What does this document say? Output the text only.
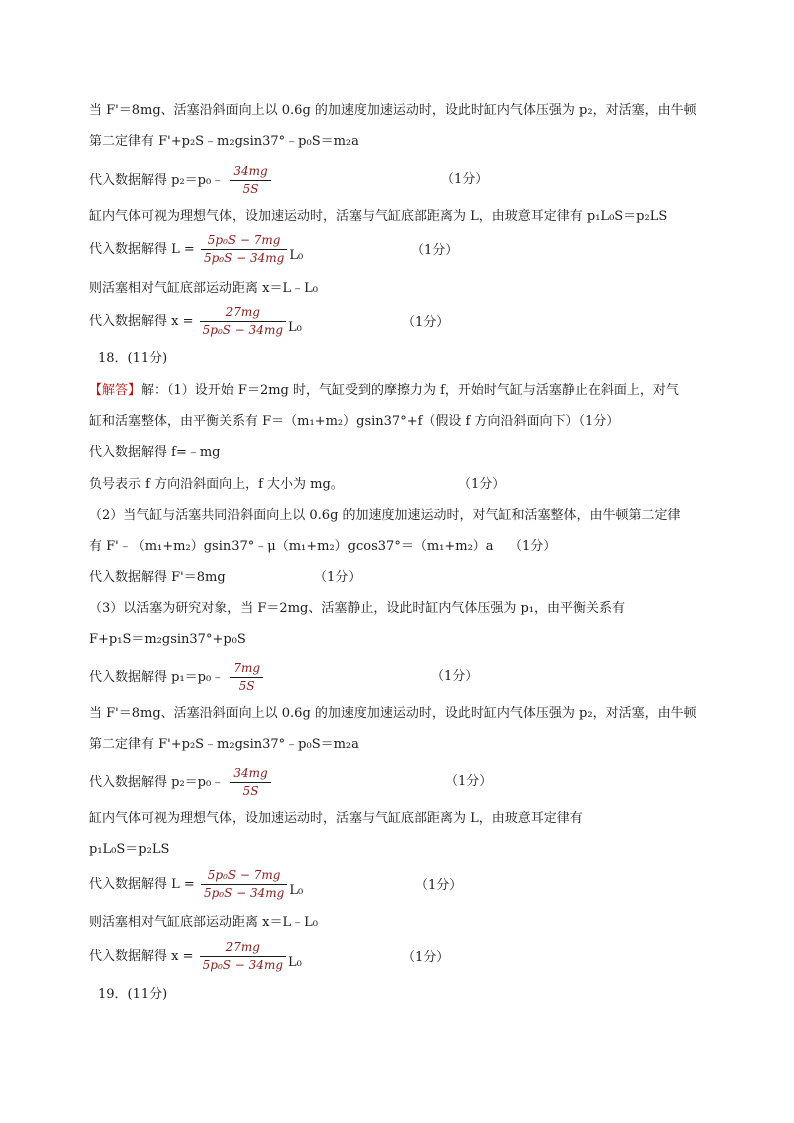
当 F'＝8mg、活塞沿斜面向上以 0.6g 的加速度加速运动时，设此时缸内气体压强为 p₂，对活塞，由牛顿
第二定律有 F'+p₂S﹣m₂gsin37°﹣p₀S＝m₂a
代入数据解得 p₂＝p₀﹣ $\frac{34mg}{5S}$	（1分）
缸内气体可视为理想气体，设加速运动时，活塞与气缸底部距离为 L，由玻意耳定律有 p₁L₀S＝p₂LS
代入数据解得 $L = \frac{\text{5p₀S − 7mg}}{\text{5p₀S − 34mg}} L_0$	（1分）
则活塞相对气缸底部运动距离 x＝L﹣L₀
代入数据解得 $x = \frac{27mg}{\text{5p₀S − 34mg}} L_0$	（1分）
18．(11分)
【解答】解：（1）设开始 F＝2mg 时，气缸受到的摩擦力为 f，开始时气缸与活塞静止在斜面上，对气
缸和活塞整体，由平衡关系有 F＝（m₁+m₂）gsin37°+f（假设 f 方向沿斜面向下）（1分）
代入数据解得 f=﹣mg
负号表示 f 方向沿斜面向上，f 大小为 mg。	（1分）
（2）当气缸与活塞共同沿斜面向上以 0.6g 的加速度加速运动时，对气缸和活塞整体，由牛顿第二定律
有 F'﹣（m₁+m₂）gsin37°﹣μ（m₁+m₂）gcos37°＝（m₁+m₂）a （1分）
代入数据解得 F'＝8mg	（1分）
（3）以活塞为研究对象，当 F＝2mg、活塞静止，设此时缸内气体压强为 p₁，由平衡关系有
F+p₁S＝m₂gsin37°+p₀S
代入数据解得 p₁＝p₀﹣ $\frac{7mg}{5S}$	（1分）
当 F'＝8mg、活塞沿斜面向上以 0.6g 的加速度加速运动时，设此时缸内气体压强为 p₂，对活塞，由牛顿
第二定律有 F'+p₂S﹣m₂gsin37°﹣p₀S＝m₂a
代入数据解得 p₂＝p₀﹣ $\frac{34mg}{5S}$	（1分）
缸内气体可视为理想气体，设加速运动时，活塞与气缸底部距离为 L，由玻意耳定律有
p₁L₀S＝p₂LS
代入数据解得 $L = \frac{\text{5p₀S − 7mg}}{\text{5p₀S − 34mg}} L_0$	（1分）
则活塞相对气缸底部运动距离 x＝L﹣L₀
代入数据解得 $x = \frac{27mg}{\text{5p₀S − 34mg}} L_0$	（1分）
19．(11分)
